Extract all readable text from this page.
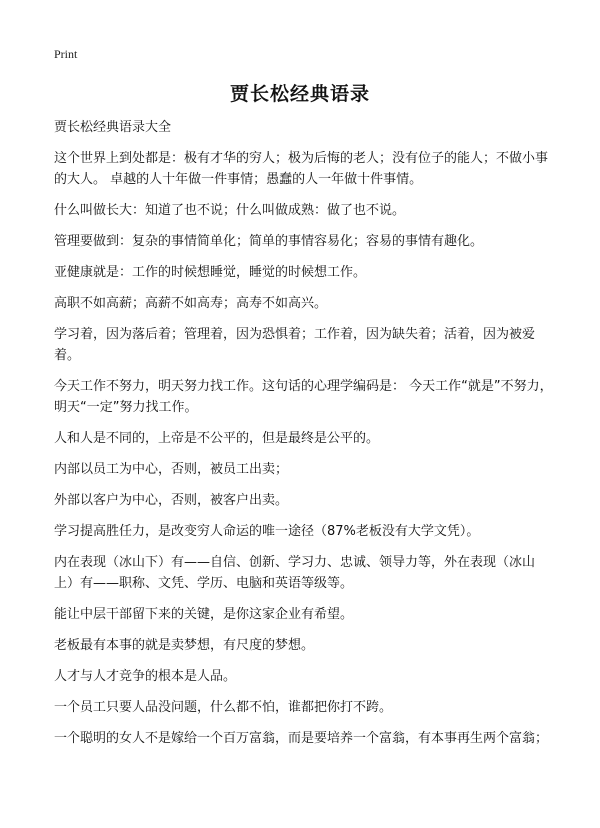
Print
贾长松经典语录

贾长松经典语录大全

这个世界上到处都是：极有才华的穷人；极为后悔的老人；没有位子的能人；不做小事的大人。 卓越的人十年做一件事情；愚蠢的人一年做十件事情。

什么叫做长大：知道了也不说；什么叫做成熟：做了也不说。

管理要做到：复杂的事情简单化；简单的事情容易化；容易的事情有趣化。

亚健康就是：工作的时候想睡觉，睡觉的时候想工作。

高职不如高薪；高薪不如高寿；高寿不如高兴。

学习着，因为落后着；管理着，因为恐惧着；工作着，因为缺失着；活着，因为被爱着。

今天工作不努力，明天努力找工作。这句话的心理学编码是： 今天工作“就是”不努力，明天“一定”努力找工作。

人和人是不同的，上帝是不公平的，但是最终是公平的。

内部以员工为中心，否则，被员工出卖；

外部以客户为中心，否则，被客户出卖。

学习提高胜任力，是改变穷人命运的唯一途径（87%老板没有大学文凭）。

内在表现（冰山下）有——自信、创新、学习力、忠诚、领导力等，外在表现（冰山上）有——职称、文凭、学历、电脑和英语等级等。

能让中层干部留下来的关键，是你这家企业有希望。

老板最有本事的就是卖梦想，有尺度的梦想。

人才与人才竞争的根本是人品。

一个员工只要人品没问题，什么都不怕，谁都把你打不跨。

一个聪明的女人不是嫁给一个百万富翁，而是要培养一个富翁，有本事再生两个富翁；
